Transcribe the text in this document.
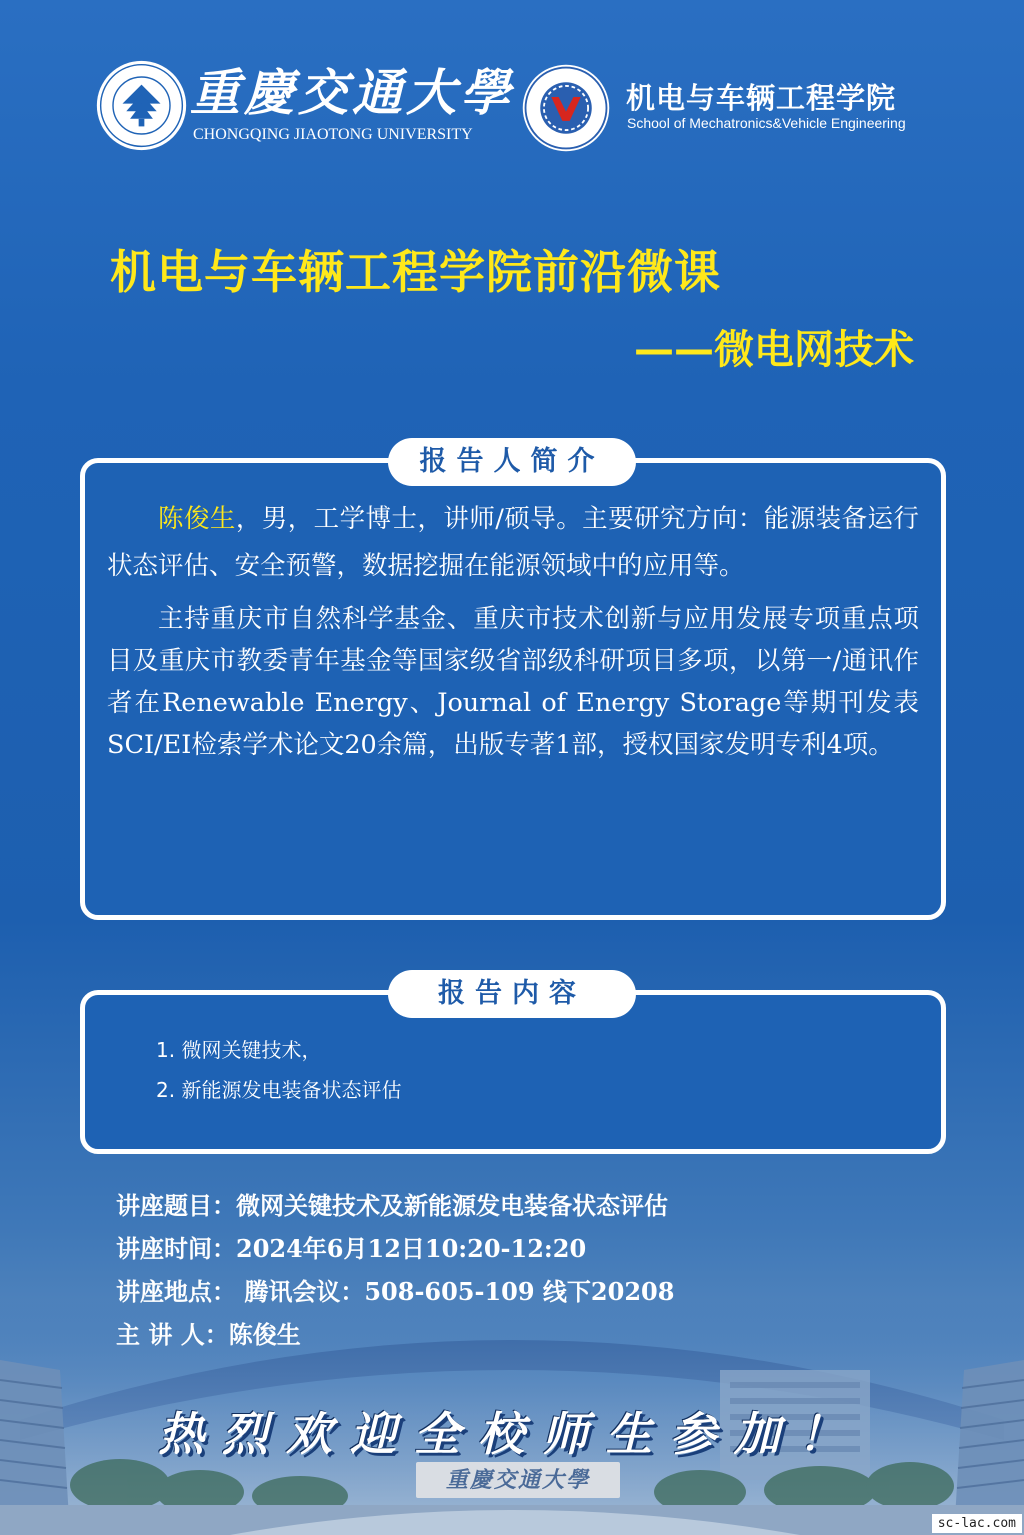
重慶交通大學
CHONGQING JIAOTONG UNIVERSITY
机电与车辆工程学院
School of Mechatronics&Vehicle Engineering
机电与车辆工程学院前沿微课
——微电网技术
报告人简介

陈俊生，男，工学博士，讲师/硕导。主要研究方向：能源装备运行状态评估、安全预警，数据挖掘在能源领域中的应用等。

主持重庆市自然科学基金、重庆市技术创新与应用发展专项重点项目及重庆市教委青年基金等国家级省部级科研项目多项，以第一/通讯作者在Renewable Energy、Journal of Energy Storage等期刊发表SCI/EI检索学术论文20余篇，出版专著1部，授权国家发明专利4项。

报告内容
1. 微网关键技术，
2. 新能源发电装备状态评估
重慶交通大學
讲座题目：微网关键技术及新能源发电装备状态评估
讲座时间：2024年6月12日10:20-12:20
讲座地点： 腾讯会议：508-605-109 线下20208
主 讲 人：陈俊生
热烈欢迎全校师生参加！
sc-lac.com
